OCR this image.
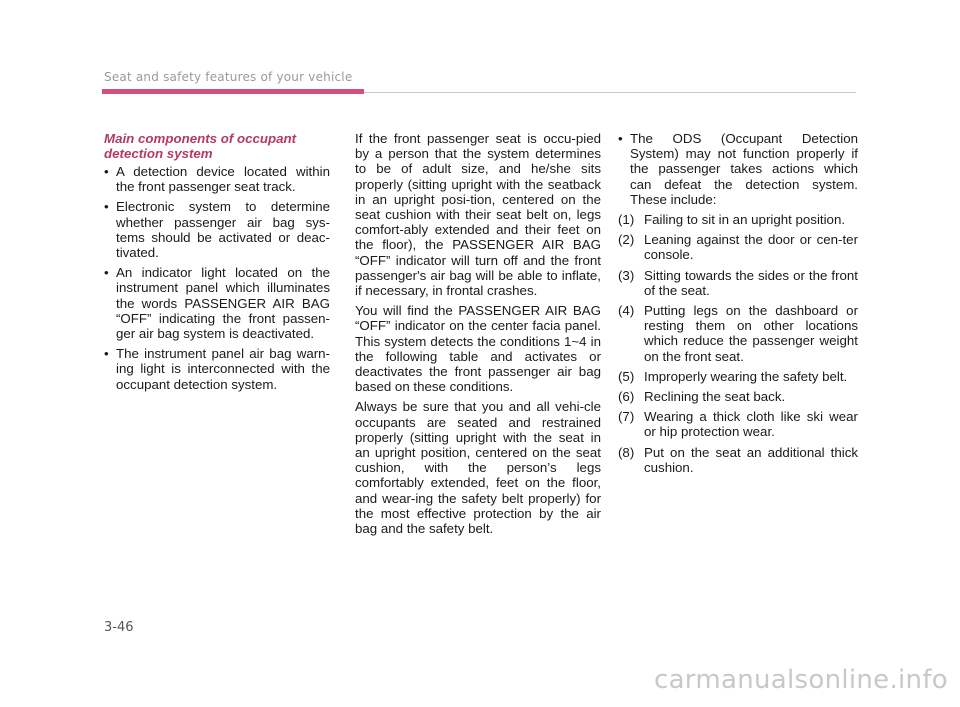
Seat and safety features of your vehicle
Main components of occupant detection system
• A detection device located within the front passenger seat track.
• Electronic system to determine whether passenger air bag sys-tems should be activated or deac-tivated.
• An indicator light located on the instrument panel which illuminates the words PASSENGER AIR BAG “OFF” indicating the front passen-ger air bag system is deactivated.
• The instrument panel air bag warn-ing light is interconnected with the occupant detection system.

If the front passenger seat is occu-pied by a person that the system determines to be of adult size, and he/she sits properly (sitting upright with the seatback in an upright posi-tion, centered on the seat cushion with their seat belt on, legs comfort-ably extended and their feet on the floor), the PASSENGER AIR BAG “OFF” indicator will turn off and the front passenger's air bag will be able to inflate, if necessary, in frontal crashes.

You will find the PASSENGER AIR BAG “OFF” indicator on the center facia panel. This system detects the conditions 1~4 in the following table and activates or deactivates the front passenger air bag based on these conditions.

Always be sure that you and all vehi-cle occupants are seated and restrained properly (sitting upright with the seat in an upright position, centered on the seat cushion, with the person’s legs comfortably extended, feet on the floor, and wear-ing the safety belt properly) for the most effective protection by the air bag and the safety belt.

• The ODS (Occupant Detection System) may not function properly if the passenger takes actions which can defeat the detection system. These include:
(1) Failing to sit in an upright position.
(2) Leaning against the door or cen-ter console.
(3) Sitting towards the sides or the front of the seat.
(4) Putting legs on the dashboard or resting them on other locations which reduce the passenger weight on the front seat.
(5) Improperly wearing the safety belt.
(6) Reclining the seat back.
(7) Wearing a thick cloth like ski wear or hip protection wear.
(8) Put on the seat an additional thick cushion.
3-46
carmanualsonline.info
